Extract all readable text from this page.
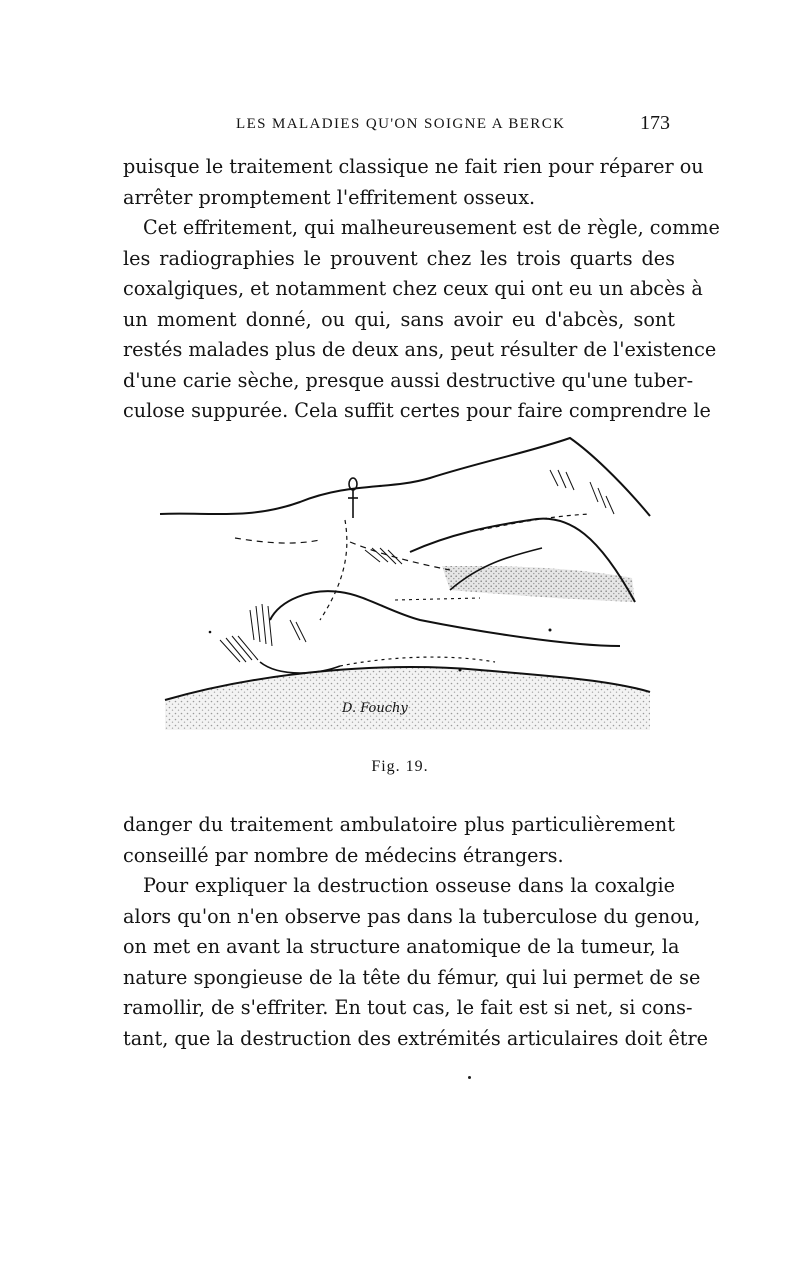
LES MALADIES QU'ON SOIGNE A BERCK	173
puisque le traitement classique ne fait rien pour réparer ou
arrêter promptement l'effritement osseux.
Cet effritement, qui malheureusement est de règle, comme
les radiographies le prouvent chez les trois quarts des
coxalgiques, et notamment chez ceux qui ont eu un abcès à
un moment donné, ou qui, sans avoir eu d'abcès, sont
restés malades plus de deux ans, peut résulter de l'existence
d'une carie sèche, presque aussi destructive qu'une tuber-
culose suppurée. Cela suffit certes pour faire comprendre le
D. Fouchy
Fig. 19.
danger du traitement ambulatoire plus particulièrement
conseillé par nombre de médecins étrangers.
Pour expliquer la destruction osseuse dans la coxalgie
alors qu'on n'en observe pas dans la tuberculose du genou,
on met en avant la structure anatomique de la tumeur, la
nature spongieuse de la tête du fémur, qui lui permet de se
ramollir, de s'effriter. En tout cas, le fait est si net, si cons-
tant, que la destruction des extrémités articulaires doit être
